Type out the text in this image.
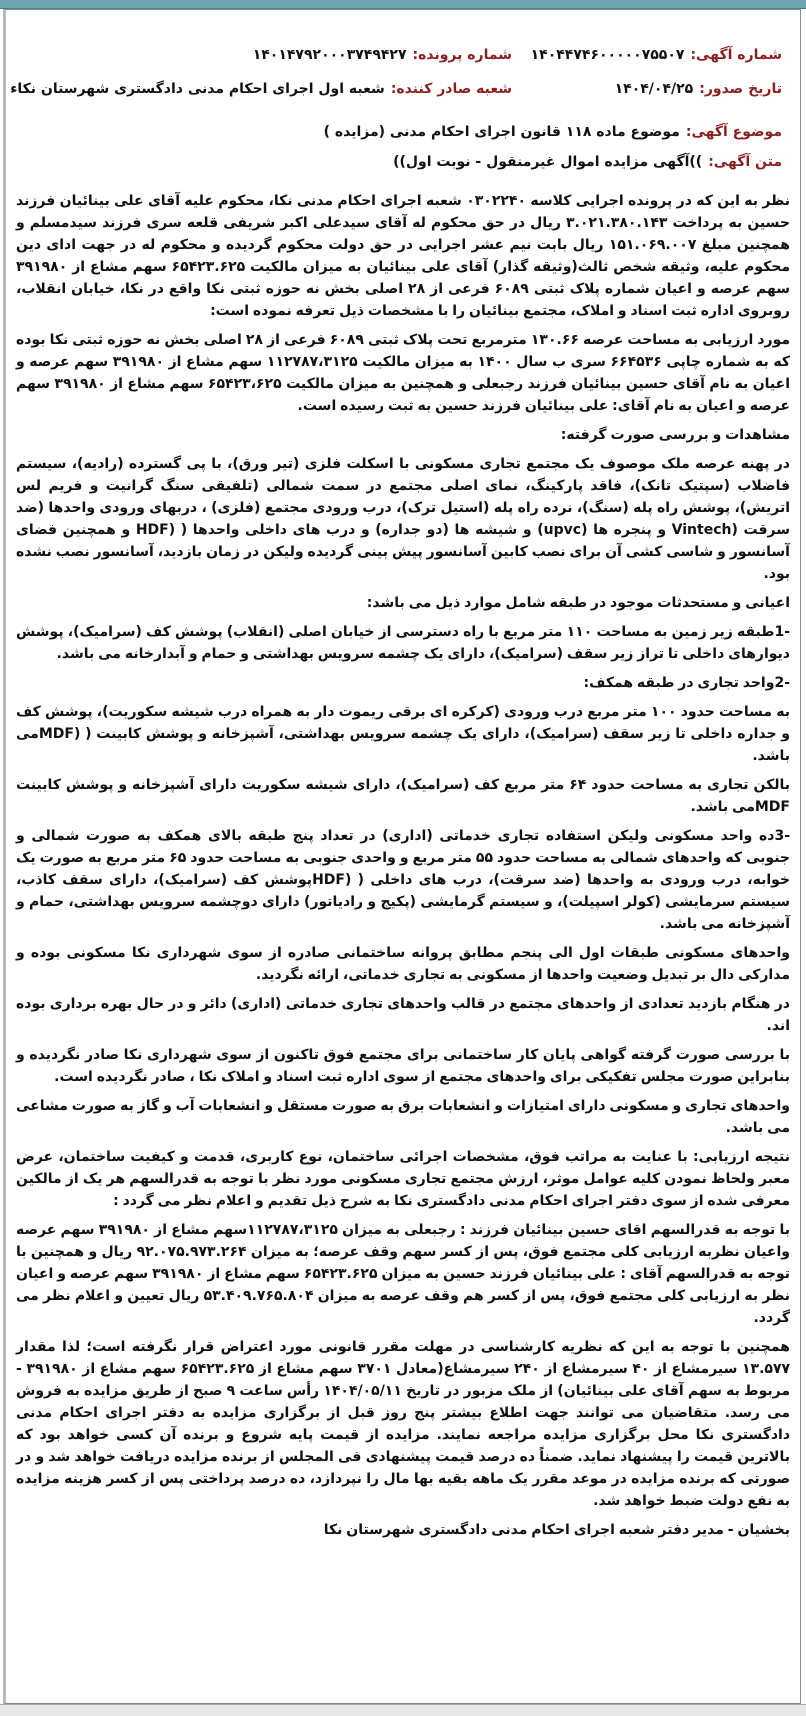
شماره آگهی:۱۴۰۴۴۷۴۶۰۰۰۰۰۷۵۵۰۷
شماره پرونده:۱۴۰۱۴۷۹۲۰۰۰۳۷۴۹۴۲۷
تاریخ صدور:۱۴۰۴/۰۴/۲۵
شعبه صادر کننده:شعبه اول اجرای احکام مدنی دادگستری شهرستان نکاء
موضوع آگهی:موضوع ماده ۱۱۸ قانون اجرای احکام مدنی (مزایده )
متن آگهی:))آگهی مزایده اموال غیرمنقول - نوبت اول))

نظر به این که در پرونده اجرایی کلاسه ۰۳۰۲۲۴۰ شعبه اجرای احکام مدنی نکا، محکوم علیه آقای علی بینائیان فرزند حسین به پرداخت ۳.۰۲۱.۳۸۰.۱۴۳ ریال در حق محکوم له آقای سیدعلی اکبر شریفی قلعه سری فرزند سیدمسلم و همچنین مبلغ ۱۵۱.۰۶۹.۰۰۷ ریال بابت نیم عشر اجرایی در حق دولت محکوم گردیده و محکوم له در جهت ادای دین محکوم علیه، وثیقه شخص ثالث(وثیقه گذار) آقای علی بینائیان به میزان مالکیت ۶۵۴۲۳.۶۲۵ سهم مشاع از ۳۹۱۹۸۰ سهم عرصه و اعیان شماره پلاک ثبتی ۶۰۸۹ فرعی از ۲۸ اصلی بخش نه حوزه ثبتی نکا واقع در نکا، خیابان انقلاب، روبروی اداره ثبت اسناد و املاک، مجتمع بینائیان را با مشخصات ذیل تعرفه نموده است:

مورد ارزیابی به مساحت عرصه ۱۳۰.۶۶ مترمربع تحت پلاک ثبتی ۶۰۸۹ فرعی از ۲۸ اصلی بخش نه حوزه ثبتی نکا بوده که به شماره چاپی ۶۶۴۵۳۶ سری ب سال ۱۴۰۰ به میزان مالکیت ۱۱۲۷۸۷،۳۱۲۵ سهم مشاع از ۳۹۱۹۸۰ سهم عرصه و اعیان به نام آقای حسین بینائیان فرزند رجبعلی و همچنین به میزان مالکیت ۶۵۴۲۳،۶۲۵ سهم مشاع از ۳۹۱۹۸۰ سهم عرصه و اعیان به نام آقای: علی بینائیان فرزند حسین به ثبت رسیده است.

مشاهدات و بررسی صورت گرفته:

در پهنه عرصه ملک موصوف یک مجتمع تجاری مسکونی با اسکلت فلزی (تیر ورق)، با پی گسترده (رادیه)، سیستم فاضلاب (سپتیک تانک)، فاقد پارکینگ، نمای اصلی مجتمع در سمت شمالی (تلفیقی سنگ گرانیت و فریم لس اتریش)، پوشش راه پله (سنگ)، نرده راه پله (استیل ترک)، درب ورودی مجتمع (فلزی) ، دربهای ورودی واحدها (ضد سرقت (Vintech و پنجره ها (upvc) و شیشه ها (دو جداره) و درب های داخلی واحدها ( (HDF و همچنین فضای آسانسور و شاسی کشی آن برای نصب کابین آسانسور پیش بینی گردیده ولیکن در زمان بازدید، آسانسور نصب نشده بود.

اعیانی و مستحدثات موجود در طبقه شامل موارد ذیل می باشد:

-1طبقه زیر زمین به مساحت ۱۱۰ متر مربع با راه دسترسی از خیابان اصلی (انقلاب) پوشش کف (سرامیک)، پوشش دیوارهای داخلی تا تراز زیر سقف (سرامیک)، دارای یک چشمه سرویس بهداشتی و حمام و آبدارخانه می باشد.

-2واحد تجاری در طبقه همکف:

به مساحت حدود ۱۰۰ متر مربع درب ورودی (کرکره ای برقی ریموت دار به همراه درب شیشه سکوریت)، پوشش کف و جداره داخلی تا زیر سقف (سرامیک)، دارای یک چشمه سرویس بهداشتی، آشپزخانه و پوشش کابینت ( (MDFمی باشد.

بالکن تجاری به مساحت حدود ۶۴ متر مربع کف (سرامیک)، دارای شیشه سکوریت دارای آشپزخانه و پوشش کابینت MDFمی باشد.

-3ده واحد مسکونی ولیکن استفاده تجاری خدماتی (اداری) در تعداد پنج طبقه بالای همکف به صورت شمالی و جنوبی که واحدهای شمالی به مساحت حدود ۵۵ متر مربع و واحدی جنوبی به مساحت حدود ۶۵ متر مربع به صورت یک خوابه، درب ورودی به واحدها (ضد سرقت)، درب های داخلی ( (HDFپوشش کف (سرامیک)، دارای سقف کاذب، سیستم سرمایشی (کولر اسپیلت)، و سیستم گرمایشی (پکیج و رادیاتور) دارای دوچشمه سرویس بهداشتی، حمام و آشپزخانه می باشد.

واحدهای مسکونی طبقات اول الی پنجم مطابق پروانه ساختمانی صادره از سوی شهرداری نکا مسکونی بوده و مدارکی دال بر تبدیل وضعیت واحدها از مسکونی به تجاری خدماتی، ارائه نگردید.

در هنگام بازدید تعدادی از واحدهای مجتمع در قالب واحدهای تجاری خدماتی (اداری) دائر و در حال بهره برداری بوده اند.

با بررسی صورت گرفته گواهی پایان کار ساختمانی برای مجتمع فوق تاکنون از سوی شهرداری نکا صادر نگردیده و بنابراین صورت مجلس تفکیکی برای واحدهای مجتمع از سوی اداره ثبت اسناد و املاک نکا ، صادر نگردیده است.

واحدهای تجاری و مسکونی دارای امتیازات و انشعابات برق به صورت مستقل و انشعابات آب و گاز به صورت مشاعی می باشد.

نتیجه ارزیابی: با عنایت به مراتب فوق، مشخصات اجرائی ساختمان، نوع کاربری، قدمت و کیفیت ساختمان، عرض معبر ولحاظ نمودن کلیه عوامل موثر، ارزش مجتمع تجاری مسکونی مورد نظر با توجه به قدرالسهم هر یک از مالکین معرفی شده از سوی دفتر اجرای احکام مدنی دادگستری نکا به شرح ذیل تقدیم و اعلام نظر می گردد :

با توجه به قدرالسهم اقای حسین بینائیان فرزند : رجبعلی به میزان ۱۱۲۷۸۷،۳۱۲۵سهم مشاع از ۳۹۱۹۸۰ سهم عرصه واعیان نظربه ارزیابی کلی مجتمع فوق، پس از کسر سهم وقف عرصه؛ به میزان ۹۲.۰۷۵.۹۷۳.۲۶۴ ریال و همچنین با توجه به قدرالسهم آقای : علی بینائیان فرزند حسین به میزان ۶۵۴۲۳.۶۲۵ سهم مشاع از ۳۹۱۹۸۰ سهم عرصه و اعیان نظر به ارزیابی کلی مجتمع فوق، پس از کسر هم وقف عرصه به میزان ۵۳.۴۰۹.۷۶۵.۸۰۴ ریال تعیین و اعلام نظر می گردد.

همچنین با توجه به این که نظریه کارشناسی در مهلت مقرر قانونی مورد اعتراض قرار نگرفته است؛ لذا مقدار ۱۳.۵۷۷ سیرمشاع از ۴۰ سیرمشاع از ۲۴۰ سیرمشاع(معادل ۳۷۰۱ سهم مشاع از ۶۵۴۲۳.۶۲۵ سهم مشاع از ۳۹۱۹۸۰ - مربوط به سهم آقای علی بینائیان) از ملک مزبور در تاریخ ۱۴۰۴/۰۵/۱۱ رأس ساعت ۹ صبح از طریق مزایده به فروش می رسد. متقاضیان می توانند جهت اطلاع بیشتر پنج روز قبل از برگزاری مزایده به دفتر اجرای احکام مدنی دادگستری نکا محل برگزاری مزایده مراجعه نمایند. مزایده از قیمت پایه شروع و برنده آن کسی خواهد بود که بالاترین قیمت را پیشنهاد نماید. ضمناً ده درصد قیمت پیشنهادی فی المجلس از برنده مزایده دریافت خواهد شد و در صورتی که برنده مزایده در موعد مقرر یک ماهه بقیه بها مال را نپردازد، ده درصد پرداختی پس از کسر هزینه مزایده به نفع دولت ضبط خواهد شد.

بخشیان - مدیر دفتر شعبه اجرای احکام مدنی دادگستری شهرستان نکا
